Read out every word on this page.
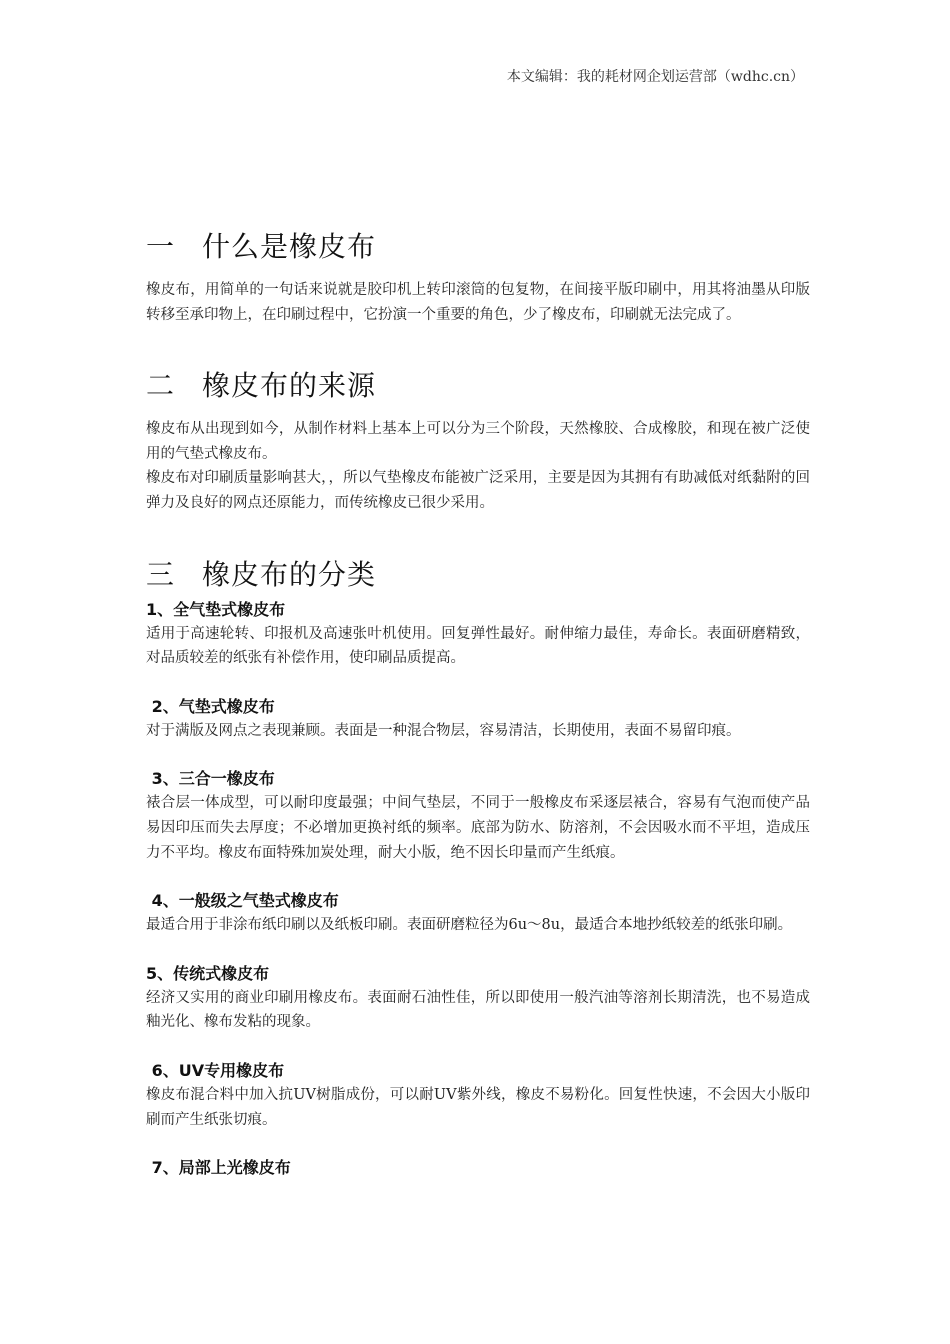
本文编辑：我的耗材网企划运营部（wdhc.cn）
一 什么是橡皮布

橡皮布，用简单的一句话来说就是胶印机上转印滚筒的包复物，在间接平版印刷中，用其将油墨从印版转移至承印物上，在印刷过程中，它扮演一个重要的角色，少了橡皮布，印刷就无法完成了。

二 橡皮布的来源

橡皮布从出现到如今，从制作材料上基本上可以分为三个阶段，天然橡胶、合成橡胶，和现在被广泛使用的气垫式橡皮布。

橡皮布对印刷质量影响甚大，，所以气垫橡皮布能被广泛采用，主要是因为其拥有有助减低对纸黏附的回弹力及良好的网点还原能力，而传统橡皮已很少采用。

三 橡皮布的分类
1、全气垫式橡皮布

适用于高速轮转、印报机及高速张叶机使用。回复弹性最好。耐伸缩力最佳，寿命长。表面研磨精致，对品质较差的纸张有补偿作用，使印刷品质提高。

2、气垫式橡皮布

对于满版及网点之表现兼顾。表面是一种混合物层，容易清洁，长期使用，表面不易留印痕。

3、三合一橡皮布

裱合层一体成型，可以耐印度最强；中间气垫层，不同于一般橡皮布采逐层裱合，容易有气泡而使产品易因印压而失去厚度；不必增加更换衬纸的频率。底部为防水、防溶剂，不会因吸水而不平坦，造成压力不平均。橡皮布面特殊加炭处理，耐大小版，绝不因长印量而产生纸痕。

4、一般级之气垫式橡皮布

最适合用于非涂布纸印刷以及纸板印刷。表面研磨粒径为6u～8u，最适合本地抄纸较差的纸张印刷。

5、传统式橡皮布

经济又实用的商业印刷用橡皮布。表面耐石油性佳，所以即使用一般汽油等溶剂长期清洗，也不易造成釉光化、橡布发粘的现象。

6、UV专用橡皮布

橡皮布混合料中加入抗UV树脂成份，可以耐UV紫外线，橡皮不易粉化。回复性快速，不会因大小版印刷而产生纸张切痕。

7、局部上光橡皮布
